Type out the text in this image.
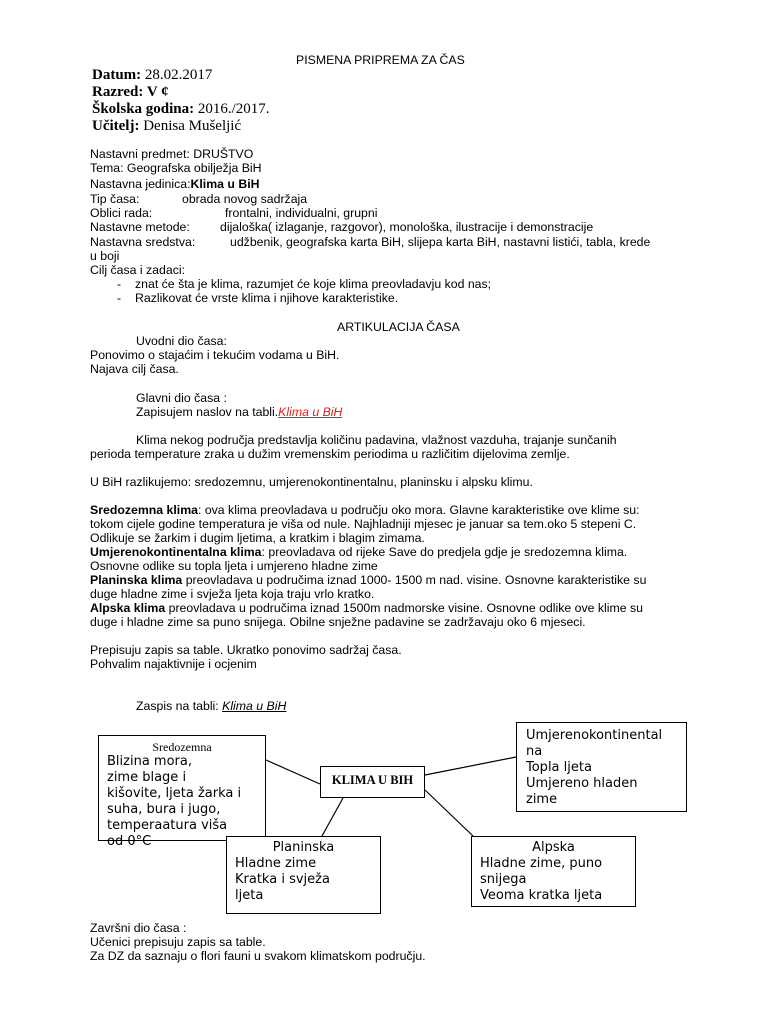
PISMENA PRIPREMA ZA ČAS
Datum: 28.02.2017
Razred: V ¢
Školska godina: 2016./2017.
Učitelj: Denisa Mušeljić
Nastavni predmet: DRUŠTVO
Tema: Geografska obilježja BiH
Nastavna jedinica:Klima u BiH
Tip časa:	obrada novog sadržaja
Oblici rada:	frontalni, individualni, grupni
Nastavne metode: dijaloška( izlaganje, razgovor), monološka, ilustracije i demonstracije
Nastavna sredstva:	udžbenik, geografska karta BiH, slijepa karta BiH, nastavni listići, tabla, krede
u boji
Cilj časa i zadaci:
- znat će šta je klima, razumjet će koje klima preovladavju kod nas;
- Razlikovat će vrste klima i njihove karakteristike.
ARTIKULACIJA ČASA
Uvodni dio časa:
Ponovimo o stajaćim i tekućim vodama u BiH.
Najava cilj časa.
Glavni dio časa :
Zapisujem naslov na tabli.Klima u BiH
Klima nekog područja predstavlja količinu padavina, vlažnost vazduha, trajanje sunčanih
perioda temperature zraka u dužim vremenskim periodima u različitim dijelovima zemlje.
U BiH razlikujemo: sredozemnu, umjerenokontinentalnu, planinsku i alpsku klimu.
Sredozemna klima: ova klima preovladava u području oko mora. Glavne karakteristike ove klime su:
tokom cijele godine temperatura je viša od nule. Najhladniji mjesec je januar sa tem.oko 5 stepeni C.
Odlikuje se žarkim i dugim ljetima, a kratkim i blagim zimama.
Umjerenokontinentalna klima: preovladava od rijeke Save do predjela gdje je sredozemna klima.
Osnovne odlike su topla ljeta i umjereno hladne zime
Planinska klima preovladava u područima iznad 1000- 1500 m nad. visine. Osnovne karakteristike su
duge hladne zime i svježa ljeta koja traju vrlo kratko.
Alpska klima preovladava u područima iznad 1500m nadmorske visine. Osnovne odlike ove klime su
duge i hladne zime sa puno snijega. Obilne snježne padavine se zadržavaju oko 6 mjeseci.
Prepisuju zapis sa table. Ukratko ponovimo sadržaj časa.
Pohvalim najaktivnije i ocjenim
Zaspis na tabli: Klima u BiH
Sredozemna
Blizina mora,
zime blage i
kišovite, ljeta žarka i
suha, bura i jugo,
temperaatura viša
od 0°C
KLIMA U BIH
Umjerenokontinental
na
Topla ljeta
Umjereno hladen
zime
Planinska
Hladne zime
Kratka i svježa
ljeta
Alpska
Hladne zime, puno
snijega
Veoma kratka ljeta
Završni dio časa :
Učenici prepisuju zapis sa table.
Za DZ da saznaju o flori fauni u svakom klimatskom području.
